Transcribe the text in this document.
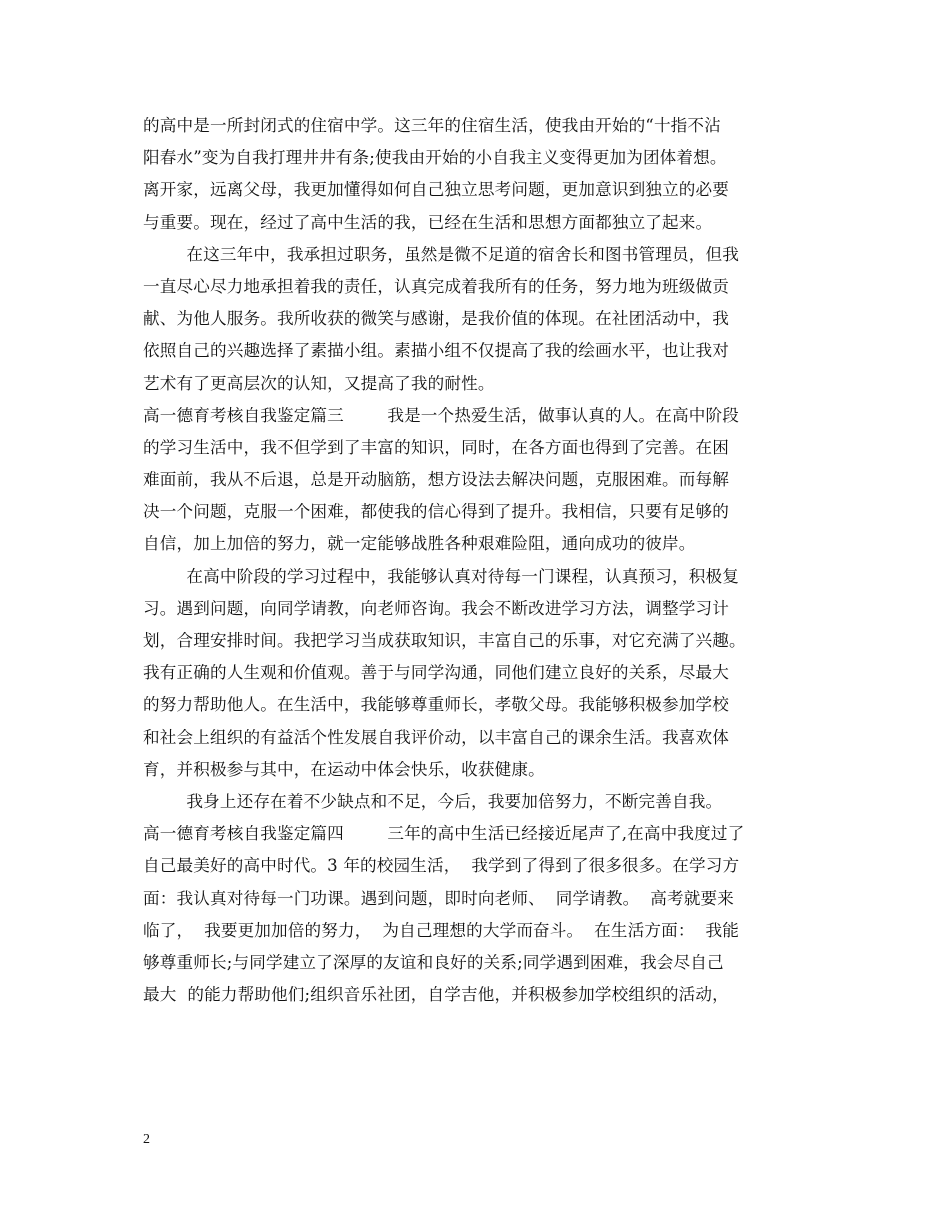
的高中是一所封闭式的住宿中学。这三年的住宿生活，使我由开始的“十指不沾
阳春水”变为自我打理井井有条;使我由开始的小自我主义变得更加为团体着想。
离开家，远离父母，我更加懂得如何自己独立思考问题，更加意识到独立的必要
与重要。现在，经过了高中生活的我，已经在生活和思想方面都独立了起来。
在这三年中，我承担过职务，虽然是微不足道的宿舍长和图书管理员，但我
一直尽心尽力地承担着我的责任，认真完成着我所有的任务，努力地为班级做贡
献、为他人服务。我所收获的微笑与感谢，是我价值的体现。在社团活动中，我
依照自己的兴趣选择了素描小组。素描小组不仅提高了我的绘画水平，也让我对
艺术有了更高层次的认知，又提高了我的耐性。
高一德育考核自我鉴定篇三        我是一个热爱生活，做事认真的人。在高中阶段
的学习生活中，我不但学到了丰富的知识，同时，在各方面也得到了完善。在困
难面前，我从不后退，总是开动脑筋，想方设法去解决问题，克服困难。而每解
决一个问题，克服一个困难，都使我的信心得到了提升。我相信，只要有足够的
自信，加上加倍的努力，就一定能够战胜各种艰难险阻，通向成功的彼岸。
在高中阶段的学习过程中，我能够认真对待每一门课程，认真预习，积极复
习。遇到问题，向同学请教，向老师咨询。我会不断改进学习方法，调整学习计
划，合理安排时间。我把学习当成获取知识，丰富自己的乐事，对它充满了兴趣。
我有正确的人生观和价值观。善于与同学沟通，同他们建立良好的关系，尽最大
的努力帮助他人。在生活中，我能够尊重师长，孝敬父母。我能够积极参加学校
和社会上组织的有益活个性发展自我评价动，以丰富自己的课余生活。我喜欢体
育，并积极参与其中，在运动中体会快乐，收获健康。
我身上还存在着不少缺点和不足，今后，我要加倍努力，不断完善自我。
高一德育考核自我鉴定篇四        三年的高中生活已经接近尾声了,在高中我度过了
自己最美好的高中时代。3 年的校园生活，  我学到了得到了很多很多。在学习方
面：我认真对待每一门功课。遇到问题，即时向老师、  同学请教。  高考就要来
临了，  我要更加加倍的努力，  为自己理想的大学而奋斗。  在生活方面：  我能
够尊重师长;与同学建立了深厚的友谊和良好的关系;同学遇到困难，我会尽自己
最大  的能力帮助他们;组织音乐社团，自学吉他，并积极参加学校组织的活动，
2
